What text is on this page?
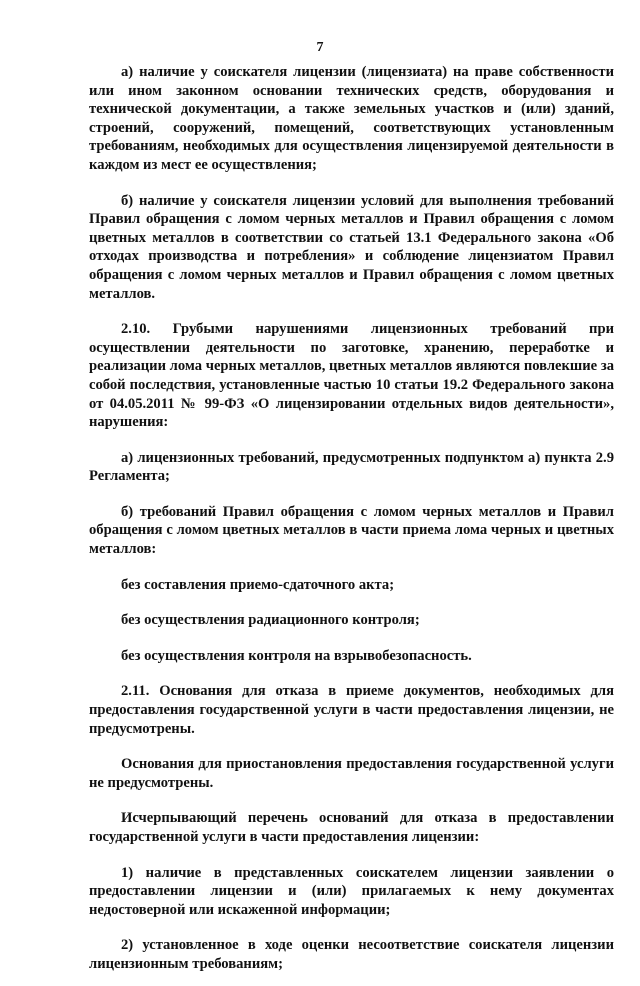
7

а) наличие у соискателя лицензии (лицензиата) на праве собственности или ином законном основании технических средств, оборудования и технической документации, а также земельных участков и (или) зданий, строений, сооружений, помещений, соответствующих установленным требованиям, необходимых для осуществления лицензируемой деятельности в каждом из мест ее осуществления;

б) наличие у соискателя лицензии условий для выполнения требований Правил обращения с ломом черных металлов и Правил обращения с ломом цветных металлов в соответствии со статьей 13.1 Федерального закона «Об отходах производства и потребления» и соблюдение лицензиатом Правил обращения с ломом черных металлов и Правил обращения с ломом цветных металлов.

2.10. Грубыми нарушениями лицензионных требований при осуществлении деятельности по заготовке, хранению, переработке и реализации лома черных металлов, цветных металлов являются повлекшие за собой последствия, установленные частью 10 статьи 19.2 Федерального закона от 04.05.2011 № 99-ФЗ «О лицензировании отдельных видов деятельности», нарушения:

а) лицензионных требований, предусмотренных подпунктом а) пункта 2.9 Регламента;

б) требований Правил обращения с ломом черных металлов и Правил обращения с ломом цветных металлов в части приема лома черных и цветных металлов:

без составления приемо-сдаточного акта;

без осуществления радиационного контроля;

без осуществления контроля на взрывобезопасность.

2.11. Основания для отказа в приеме документов, необходимых для предоставления государственной услуги в части предоставления лицензии, не предусмотрены.

Основания для приостановления предоставления государственной услуги не предусмотрены.

Исчерпывающий перечень оснований для отказа в предоставлении государственной услуги в части предоставления лицензии:

1) наличие в представленных соискателем лицензии заявлении о предоставлении лицензии и (или) прилагаемых к нему документах недостоверной или искаженной информации;

2) установленное в ходе оценки несоответствие соискателя лицензии лицензионным требованиям;
